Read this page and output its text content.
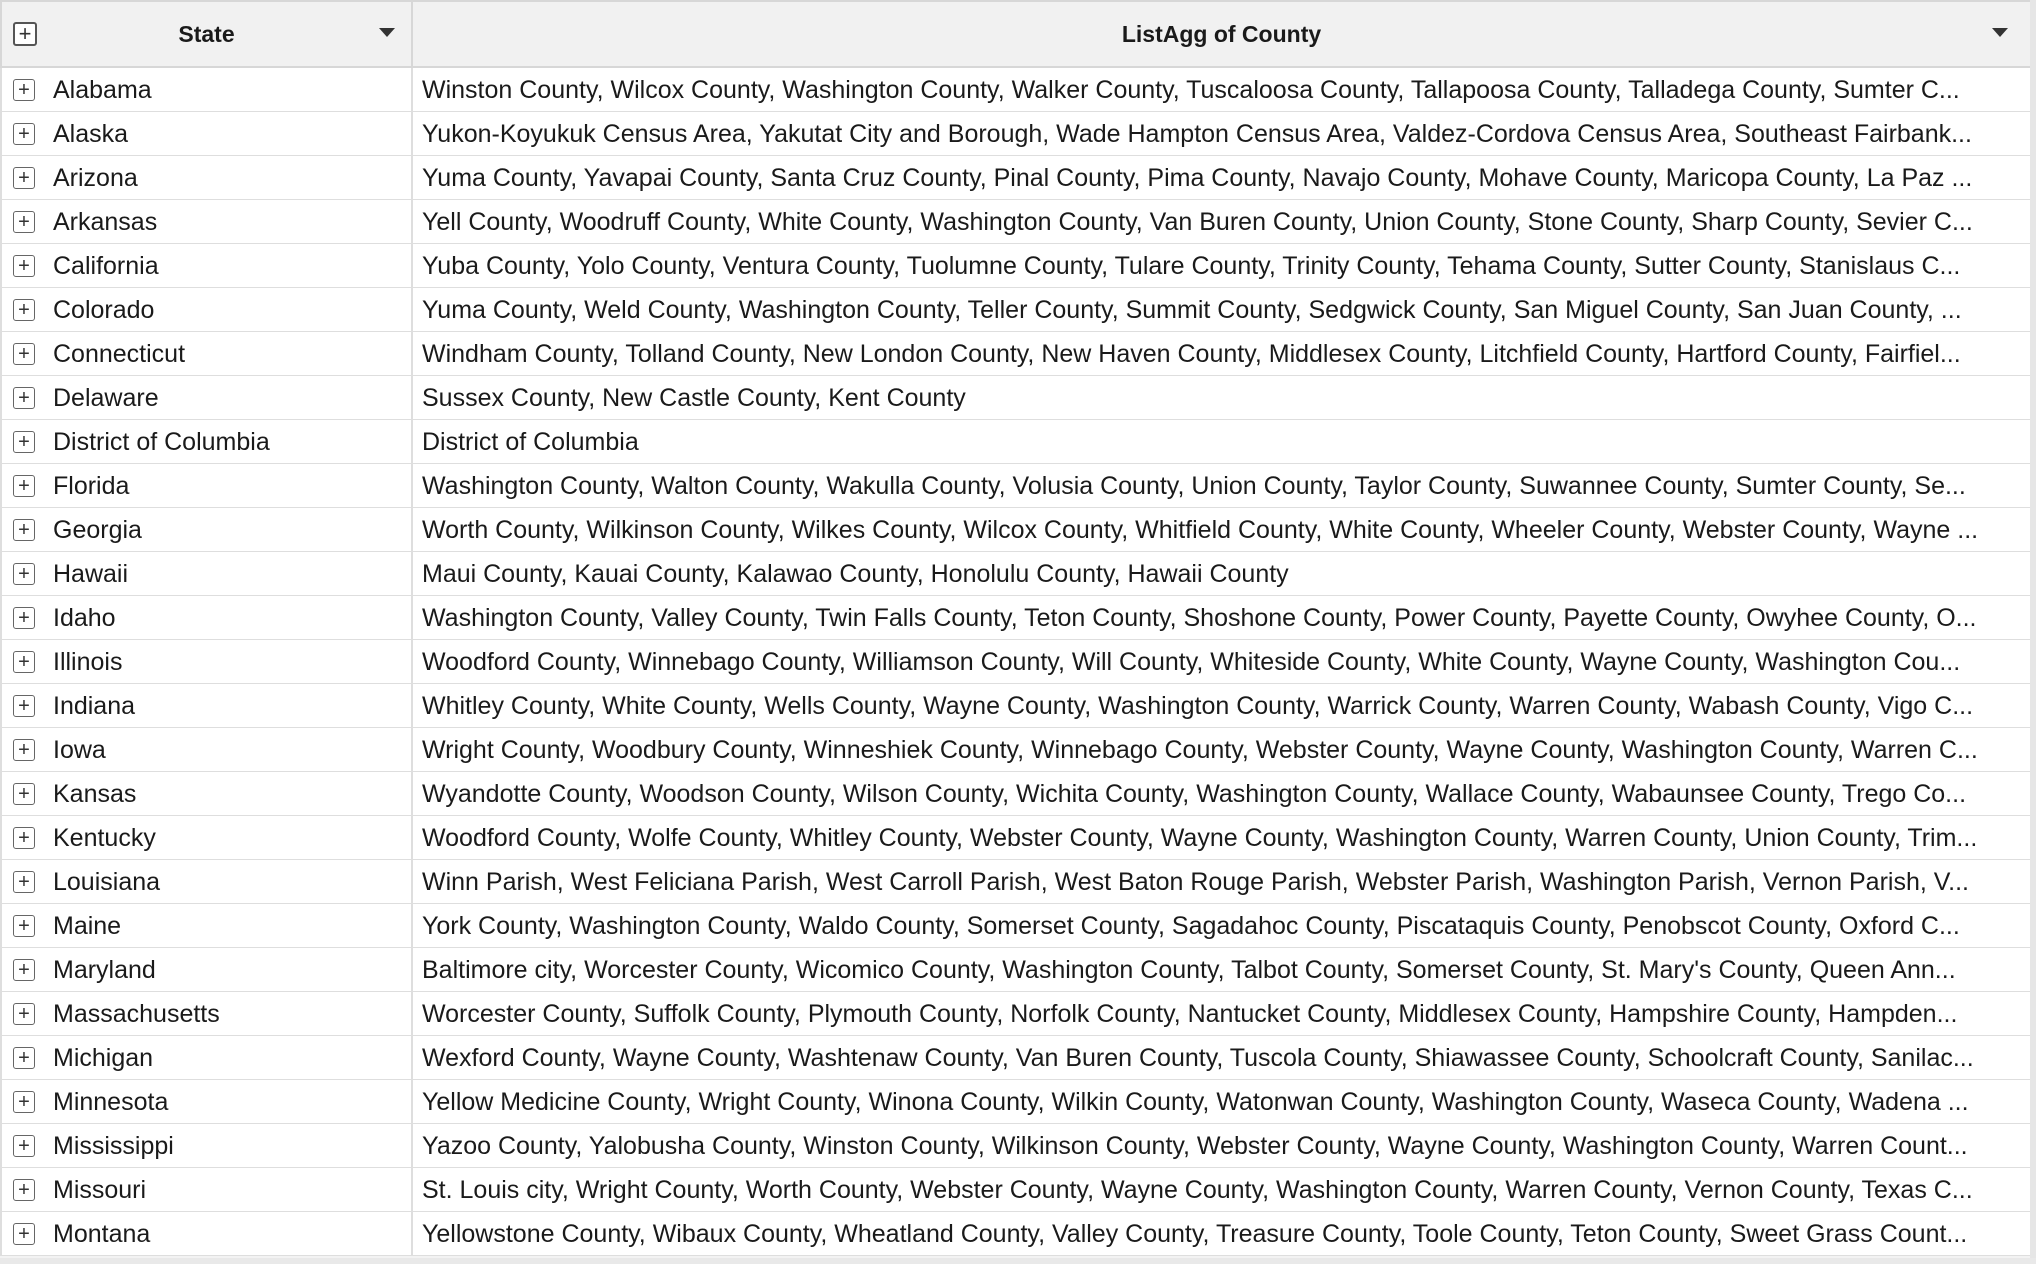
State	ListAgg of County
+
+ Alabama	Winston County, Wilcox County, Washington County, Walker County, Tuscaloosa County, Tallapoosa County, Talladega County, Sumter C...
+ Alaska	Yukon-Koyukuk Census Area, Yakutat City and Borough, Wade Hampton Census Area, Valdez-Cordova Census Area, Southeast Fairbank...
+ Arizona	Yuma County, Yavapai County, Santa Cruz County, Pinal County, Pima County, Navajo County, Mohave County, Maricopa County, La Paz ...
+ Arkansas	Yell County, Woodruff County, White County, Washington County, Van Buren County, Union County, Stone County, Sharp County, Sevier C...
+ California	Yuba County, Yolo County, Ventura County, Tuolumne County, Tulare County, Trinity County, Tehama County, Sutter County, Stanislaus C...
+ Colorado	Yuma County, Weld County, Washington County, Teller County, Summit County, Sedgwick County, San Miguel County, San Juan County, ...
+ Connecticut	Windham County, Tolland County, New London County, New Haven County, Middlesex County, Litchfield County, Hartford County, Fairfiel...
+ Delaware	Sussex County, New Castle County, Kent County
+ District of Columbia	District of Columbia
+ Florida	Washington County, Walton County, Wakulla County, Volusia County, Union County, Taylor County, Suwannee County, Sumter County, Se...
+ Georgia	Worth County, Wilkinson County, Wilkes County, Wilcox County, Whitfield County, White County, Wheeler County, Webster County, Wayne ...
+ Hawaii	Maui County, Kauai County, Kalawao County, Honolulu County, Hawaii County
+ Idaho	Washington County, Valley County, Twin Falls County, Teton County, Shoshone County, Power County, Payette County, Owyhee County, O...
+ Illinois	Woodford County, Winnebago County, Williamson County, Will County, Whiteside County, White County, Wayne County, Washington Cou...
+ Indiana	Whitley County, White County, Wells County, Wayne County, Washington County, Warrick County, Warren County, Wabash County, Vigo C...
+ Iowa	Wright County, Woodbury County, Winneshiek County, Winnebago County, Webster County, Wayne County, Washington County, Warren C...
+ Kansas	Wyandotte County, Woodson County, Wilson County, Wichita County, Washington County, Wallace County, Wabaunsee County, Trego Co...
+ Kentucky	Woodford County, Wolfe County, Whitley County, Webster County, Wayne County, Washington County, Warren County, Union County, Trim...
+ Louisiana	Winn Parish, West Feliciana Parish, West Carroll Parish, West Baton Rouge Parish, Webster Parish, Washington Parish, Vernon Parish, V...
+ Maine	York County, Washington County, Waldo County, Somerset County, Sagadahoc County, Piscataquis County, Penobscot County, Oxford C...
+ Maryland	Baltimore city, Worcester County, Wicomico County, Washington County, Talbot County, Somerset County, St. Mary's County, Queen Ann...
+ Massachusetts	Worcester County, Suffolk County, Plymouth County, Norfolk County, Nantucket County, Middlesex County, Hampshire County, Hampden...
+ Michigan	Wexford County, Wayne County, Washtenaw County, Van Buren County, Tuscola County, Shiawassee County, Schoolcraft County, Sanilac...
+ Minnesota	Yellow Medicine County, Wright County, Winona County, Wilkin County, Watonwan County, Washington County, Waseca County, Wadena ...
+ Mississippi	Yazoo County, Yalobusha County, Winston County, Wilkinson County, Webster County, Wayne County, Washington County, Warren Count...
+ Missouri	St. Louis city, Wright County, Worth County, Webster County, Wayne County, Washington County, Warren County, Vernon County, Texas C...
+ Montana	Yellowstone County, Wibaux County, Wheatland County, Valley County, Treasure County, Toole County, Teton County, Sweet Grass Count...
